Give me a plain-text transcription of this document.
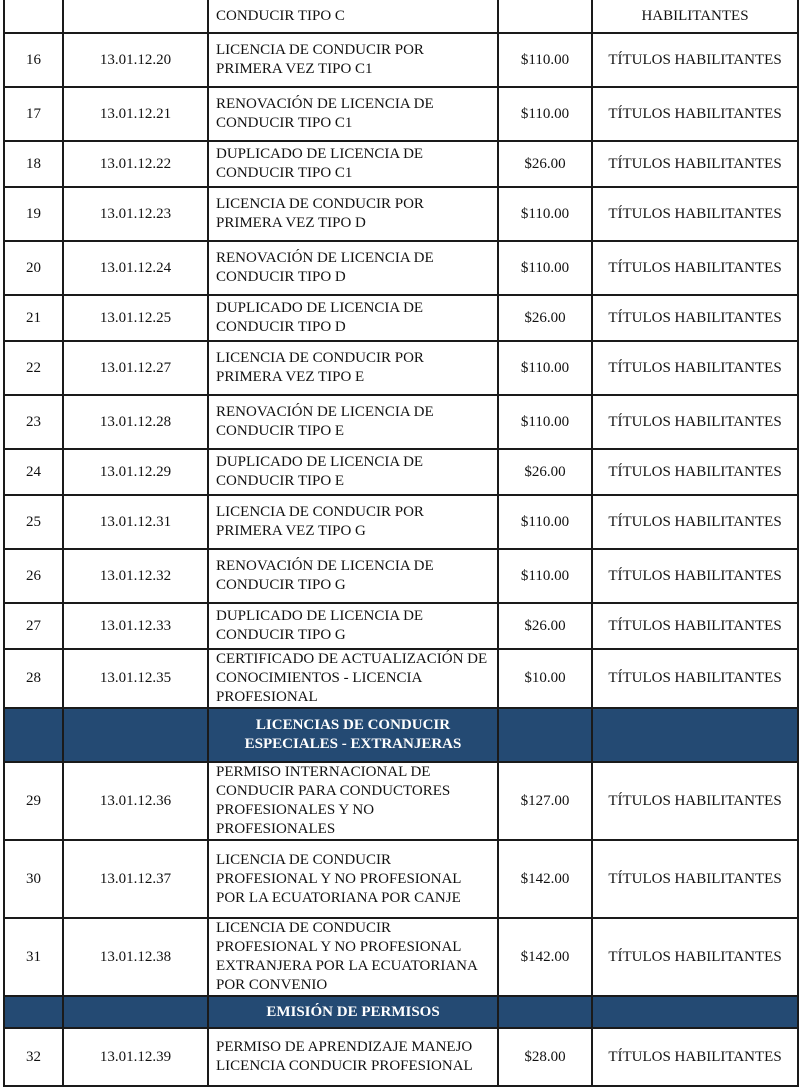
		CONDUCIR TIPO C		HABILITANTES
16	13.01.12.20	LICENCIA DE CONDUCIR POR PRIMERA VEZ TIPO C1	$110.00	TÍTULOS HABILITANTES
17	13.01.12.21	RENOVACIÓN DE LICENCIA DE CONDUCIR TIPO C1	$110.00	TÍTULOS HABILITANTES
18	13.01.12.22	DUPLICADO DE LICENCIA DE CONDUCIR TIPO C1	$26.00	TÍTULOS HABILITANTES
19	13.01.12.23	LICENCIA DE CONDUCIR POR PRIMERA VEZ TIPO D	$110.00	TÍTULOS HABILITANTES
20	13.01.12.24	RENOVACIÓN DE LICENCIA DE CONDUCIR TIPO D	$110.00	TÍTULOS HABILITANTES
21	13.01.12.25	DUPLICADO DE LICENCIA DE CONDUCIR TIPO D	$26.00	TÍTULOS HABILITANTES
22	13.01.12.27	LICENCIA DE CONDUCIR POR PRIMERA VEZ TIPO E	$110.00	TÍTULOS HABILITANTES
23	13.01.12.28	RENOVACIÓN DE LICENCIA DE CONDUCIR TIPO E	$110.00	TÍTULOS HABILITANTES
24	13.01.12.29	DUPLICADO DE LICENCIA DE CONDUCIR TIPO E	$26.00	TÍTULOS HABILITANTES
25	13.01.12.31	LICENCIA DE CONDUCIR POR PRIMERA VEZ TIPO G	$110.00	TÍTULOS HABILITANTES
26	13.01.12.32	RENOVACIÓN DE LICENCIA DE CONDUCIR TIPO G	$110.00	TÍTULOS HABILITANTES
27	13.01.12.33	DUPLICADO DE LICENCIA DE CONDUCIR TIPO G	$26.00	TÍTULOS HABILITANTES
28	13.01.12.35	CERTIFICADO DE ACTUALIZACIÓN DE CONOCIMIENTOS - LICENCIA PROFESIONAL	$10.00	TÍTULOS HABILITANTES
		LICENCIAS DE CONDUCIR ESPECIALES - EXTRANJERAS		
29	13.01.12.36	PERMISO INTERNACIONAL DE CONDUCIR PARA CONDUCTORES PROFESIONALES Y NO PROFESIONALES	$127.00	TÍTULOS HABILITANTES
30	13.01.12.37	LICENCIA DE CONDUCIR PROFESIONAL Y NO PROFESIONAL POR LA ECUATORIANA POR CANJE	$142.00	TÍTULOS HABILITANTES
31	13.01.12.38	LICENCIA DE CONDUCIR PROFESIONAL Y NO PROFESIONAL EXTRANJERA POR LA ECUATORIANA POR CONVENIO	$142.00	TÍTULOS HABILITANTES
		EMISIÓN DE PERMISOS		
32	13.01.12.39	PERMISO DE APRENDIZAJE MANEJO LICENCIA CONDUCIR PROFESIONAL	$28.00	TÍTULOS HABILITANTES
